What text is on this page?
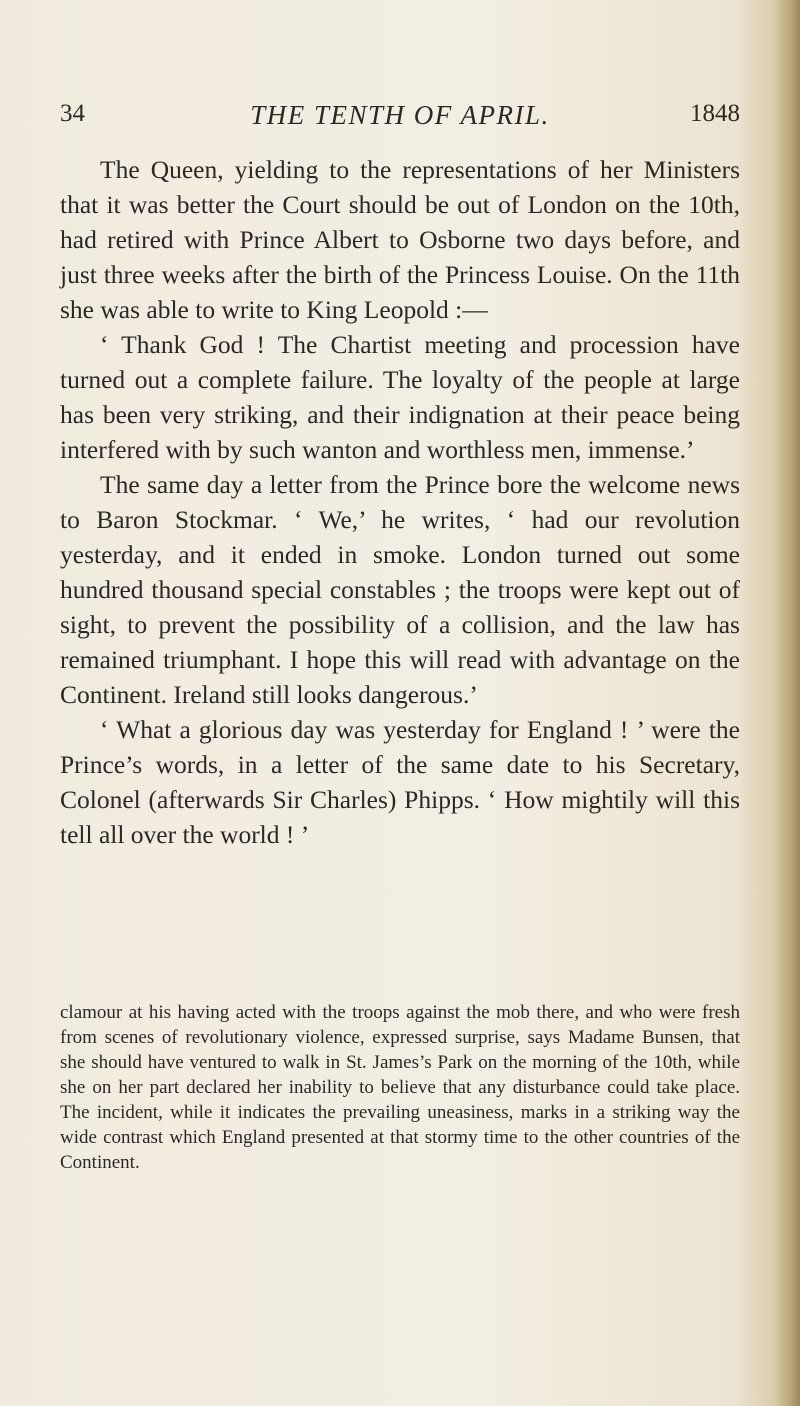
34	THE TENTH OF APRIL.	1848

The Queen, yielding to the representations of her Ministers that it was better the Court should be out of London on the 10th, had retired with Prince Albert to Osborne two days before, and just three weeks after the birth of the Princess Louise. On the 11th she was able to write to King Leopold :—

‘ Thank God ! The Chartist meeting and procession have turned out a complete failure. The loyalty of the people at large has been very striking, and their indignation at their peace being interfered with by such wanton and worthless men, immense.’

The same day a letter from the Prince bore the welcome news to Baron Stockmar. ‘ We,’ he writes, ‘ had our revolution yesterday, and it ended in smoke. London turned out some hundred thousand special constables ; the troops were kept out of sight, to prevent the possibility of a collision, and the law has remained triumphant. I hope this will read with advantage on the Continent. Ireland still looks dangerous.’

‘ What a glorious day was yesterday for England ! ’ were the Prince’s words, in a letter of the same date to his Secretary, Colonel (afterwards Sir Charles) Phipps. ‘ How mightily will this tell all over the world ! ’

clamour at his having acted with the troops against the mob there, and who were fresh from scenes of revolutionary violence, expressed surprise, says Madame Bunsen, that she should have ventured to walk in St. James’s Park on the morning of the 10th, while she on her part declared her inability to believe that any disturbance could take place. The incident, while it indicates the prevailing uneasiness, marks in a striking way the wide contrast which England presented at that stormy time to the other countries of the Continent.
